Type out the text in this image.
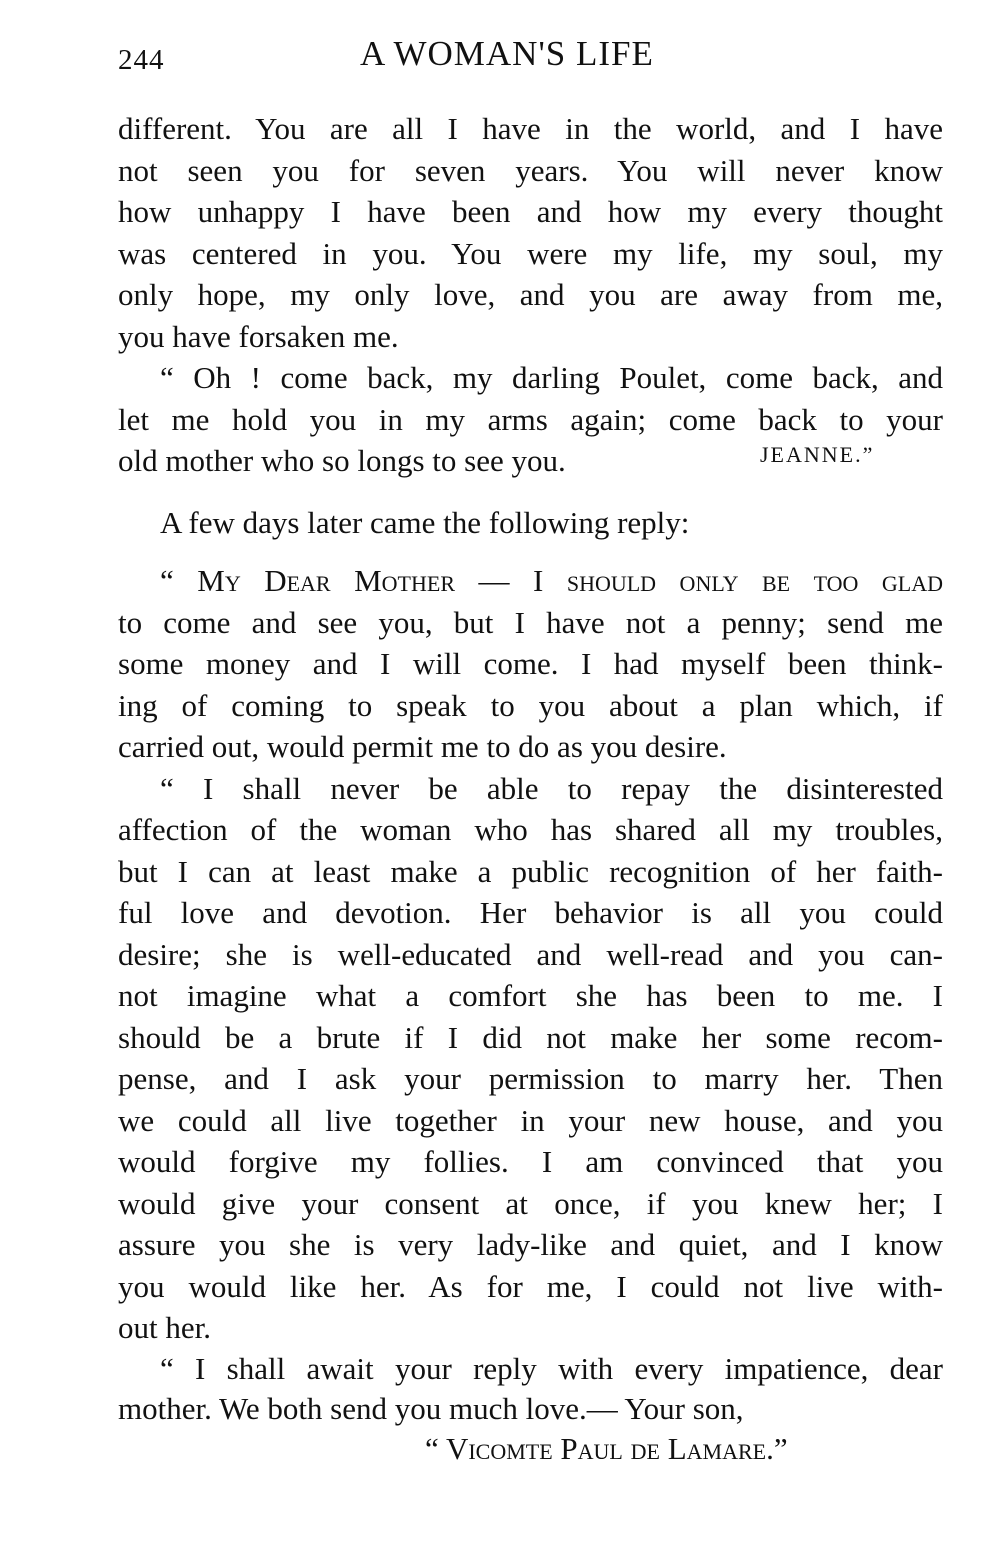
244	A WOMAN'S LIFE
different. You are all I have in the world, and I have
not seen you for seven years. You will never know
how unhappy I have been and how my every thought
was centered in you. You were my life, my soul, my
only hope, my only love, and you are away from me,
you have forsaken me.
“ Oh ! come back, my darling Poulet, come back, and
let me hold you in my arms again; come back to your
old mother who so longs to see you.	JEANNE.”
A few days later came the following reply:
“ My Dear Mother — I should only be too glad
to come and see you, but I have not a penny; send me
some money and I will come. I had myself been think-
ing of coming to speak to you about a plan which, if
carried out, would permit me to do as you desire.
“ I shall never be able to repay the disinterested
affection of the woman who has shared all my troubles,
but I can at least make a public recognition of her faith-
ful love and devotion. Her behavior is all you could
desire; she is well-educated and well-read and you can-
not imagine what a comfort she has been to me. I
should be a brute if I did not make her some recom-
pense, and I ask your permission to marry her. Then
we could all live together in your new house, and you
would forgive my follies. I am convinced that you
would give your consent at once, if you knew her; I
assure you she is very lady-like and quiet, and I know
you would like her. As for me, I could not live with-
out her.
“ I shall await your reply with every impatience, dear
mother. We both send you much love.— Your son,
“ Vicomte Paul de Lamare.”
